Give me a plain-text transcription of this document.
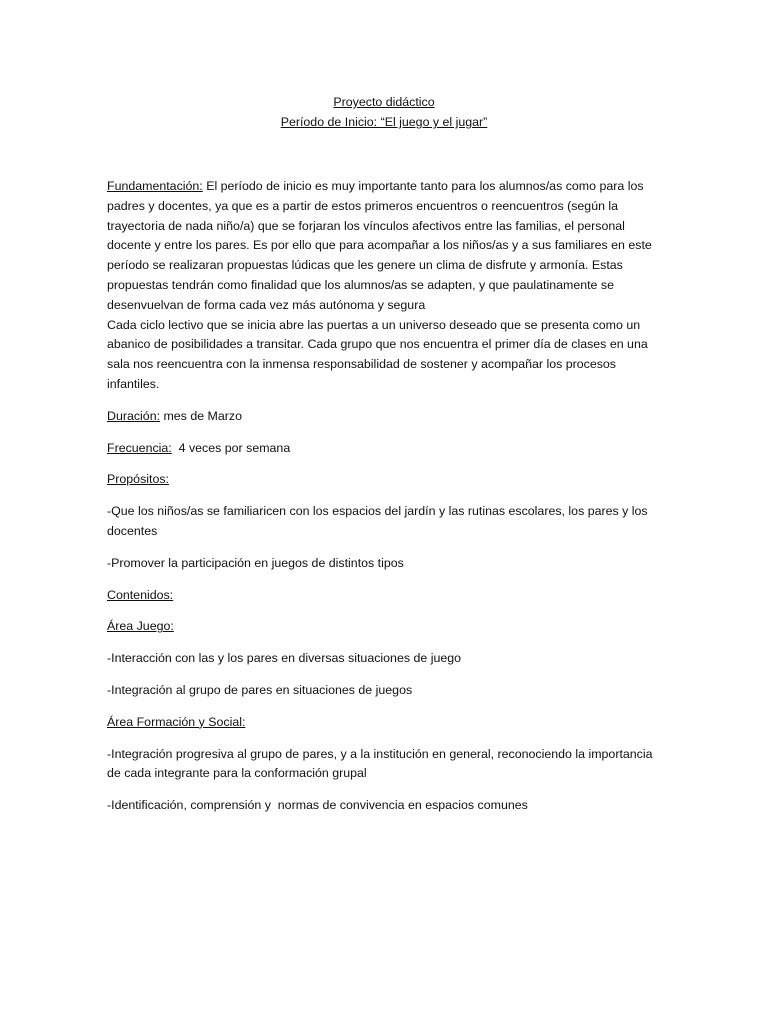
Proyecto didáctico
Período de Inicio: “El juego y el jugar”

Fundamentación: El período de inicio es muy importante tanto para los alumnos/as como para los padres y docentes, ya que es a partir de estos primeros encuentros o reencuentros (según la trayectoria de nada niño/a) que se forjaran los vínculos afectivos entre las familias, el personal docente y entre los pares. Es por ello que para acompañar a los niños/as y a sus familiares en este período se realizaran propuestas lúdicas que les genere un clima de disfrute y armonía. Estas propuestas tendrán como finalidad que los alumnos/as se adapten, y que paulatinamente se desenvuelvan de forma cada vez más autónoma y segura

Cada ciclo lectivo que se inicia abre las puertas a un universo deseado que se presenta como un abanico de posibilidades a transitar. Cada grupo que nos encuentra el primer día de clases en una sala nos reencuentra con la inmensa responsabilidad de sostener y acompañar los procesos infantiles.

Duración: mes de Marzo

Frecuencia:  4 veces por semana

Propósitos:

-Que los niños/as se familiaricen con los espacios del jardín y las rutinas escolares, los pares y los docentes

-Promover la participación en juegos de distintos tipos

Contenidos:

Área Juego:

-Interacción con las y los pares en diversas situaciones de juego

-Integración al grupo de pares en situaciones de juegos

Área Formación y Social:

-Integración progresiva al grupo de pares, y a la institución en general, reconociendo la importancia de cada integrante para la conformación grupal

-Identificación, comprensión y  normas de convivencia en espacios comunes
